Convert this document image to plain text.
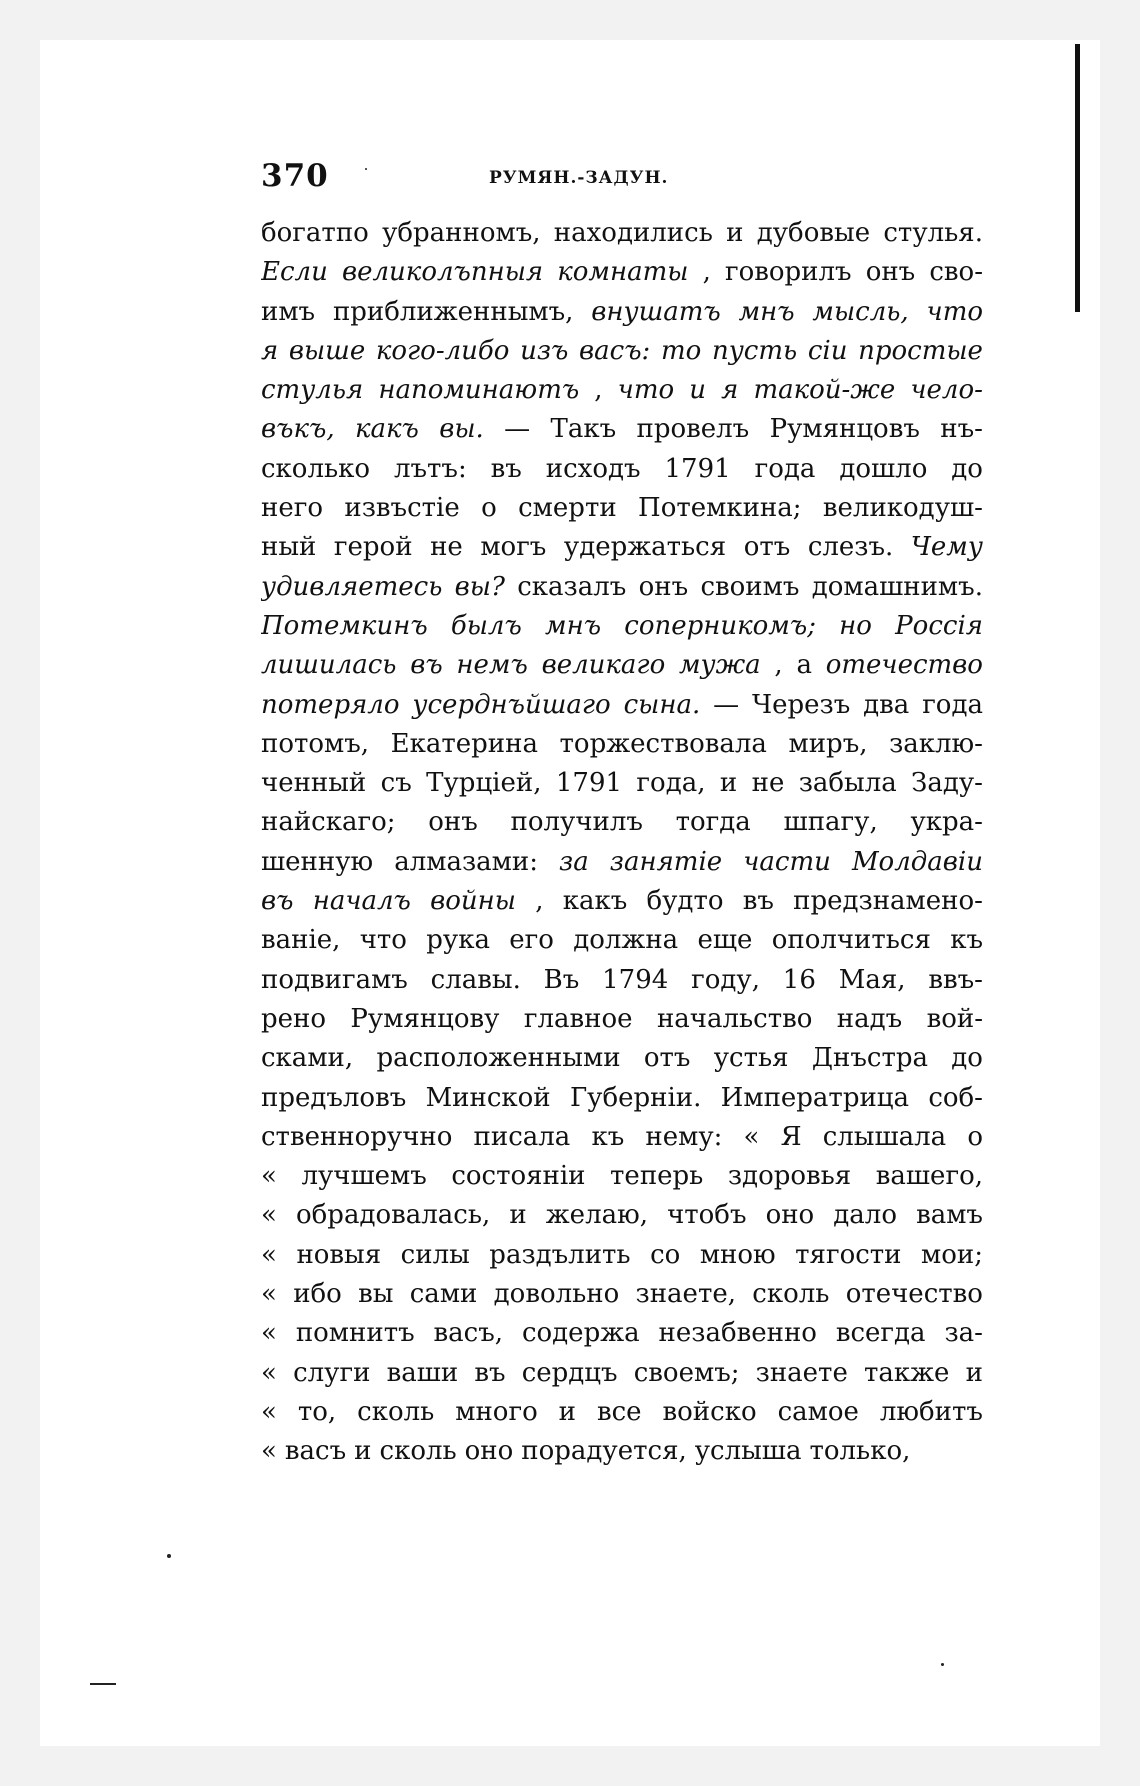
370	РУМЯН.-ЗАДУН.
богатпо убранномъ, находились и дубовые стулья.
Если великолъпныя комнаты , говорилъ онъ сво-
имъ приближеннымъ, внушатъ мнъ мысль, что
я выше кого-либо изъ васъ: то пусть сіи простые
стулья напоминаютъ , что и я такой-же чело-
въкъ, какъ вы. — Такъ провелъ Румянцовъ нъ-
сколько лътъ: въ исходъ 1791 года дошло до
него извъстіе о смерти Потемкина; великодуш-
ный герой не могъ удержаться отъ слезъ. Чему
удивляетесь вы? сказалъ онъ своимъ домашнимъ.
Потемкинъ былъ мнъ соперникомъ; но Россія
лишилась въ немъ великаго мужа , а отечество
потеряло усерднъйшаго сына. — Черезъ два года
потомъ, Екатерина торжествовала миръ, заклю-
ченный съ Турціей, 1791 года, и не забыла Заду-
найскаго; онъ получилъ тогда шпагу, укра-
шенную алмазами: за занятіе части Молдавіи
въ началъ войны , какъ будто въ предзнамено-
ваніе, что рука его должна еще ополчиться къ
подвигамъ славы. Въ 1794 году, 16 Мая, ввъ-
рено Румянцову главное начальство надъ вой-
сками, расположенными отъ устья Днъстра до
предъловъ Минской Губерніи. Императрица соб-
ственноручно писала къ нему: « Я слышала о
« лучшемъ состояніи теперь здоровья вашего,
« обрадовалась, и желаю, чтобъ оно дало вамъ
« новыя силы раздълить со мною тягости мои;
« ибо вы сами довольно знаете, сколь отечество
« помнитъ васъ, содержа незабвенно всегда за-
« слуги ваши въ сердцъ своемъ; знаете также и
« то, сколь много и все войско самое любитъ
« васъ и сколь оно порадуется, услыша только,
